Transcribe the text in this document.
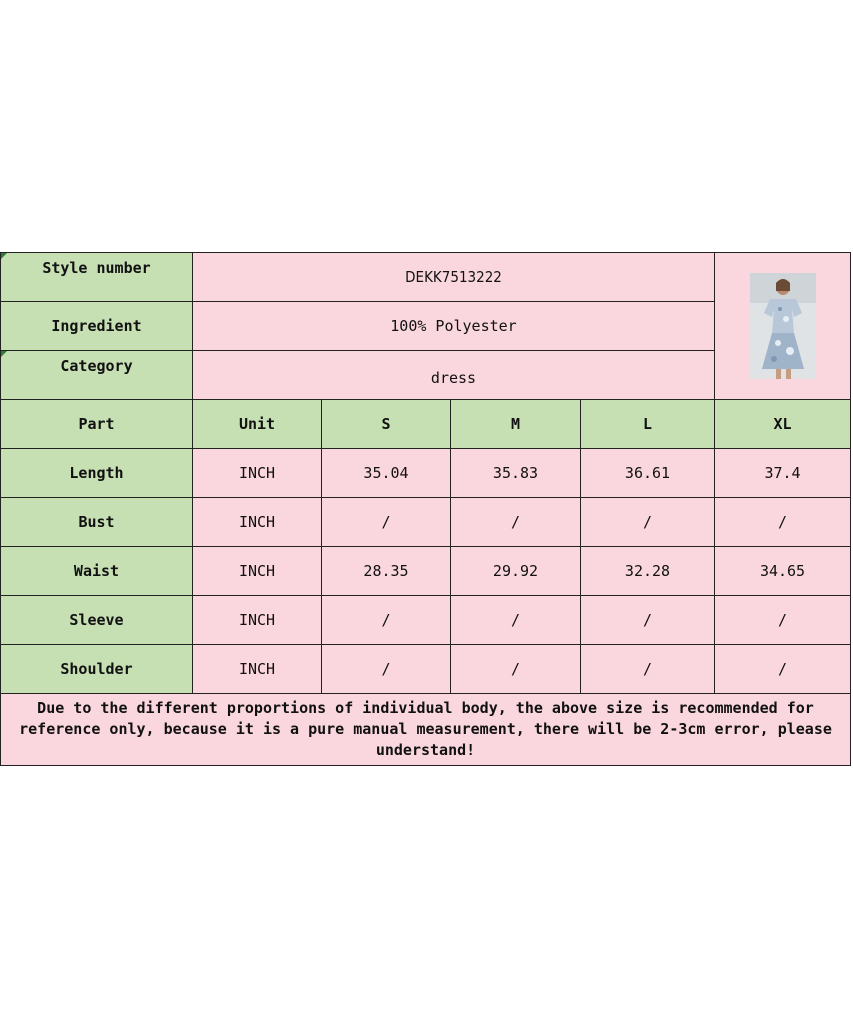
Style number	DEKK7513222	

Ingredient	100% Polyester				
Category	dress				
Part	Unit	S	M	L	XL
Length	INCH	35.04	35.83	36.61	37.4
Bust	INCH	/	/	/	/
Waist	INCH	28.35	29.92	32.28	34.65
Sleeve	INCH	/	/	/	/
Shoulder	INCH	/	/	/	/
Due to the different proportions of individual body, the above size is recommended for reference only, because it is a pure manual measurement, there will be 2-3cm error, please understand!					
